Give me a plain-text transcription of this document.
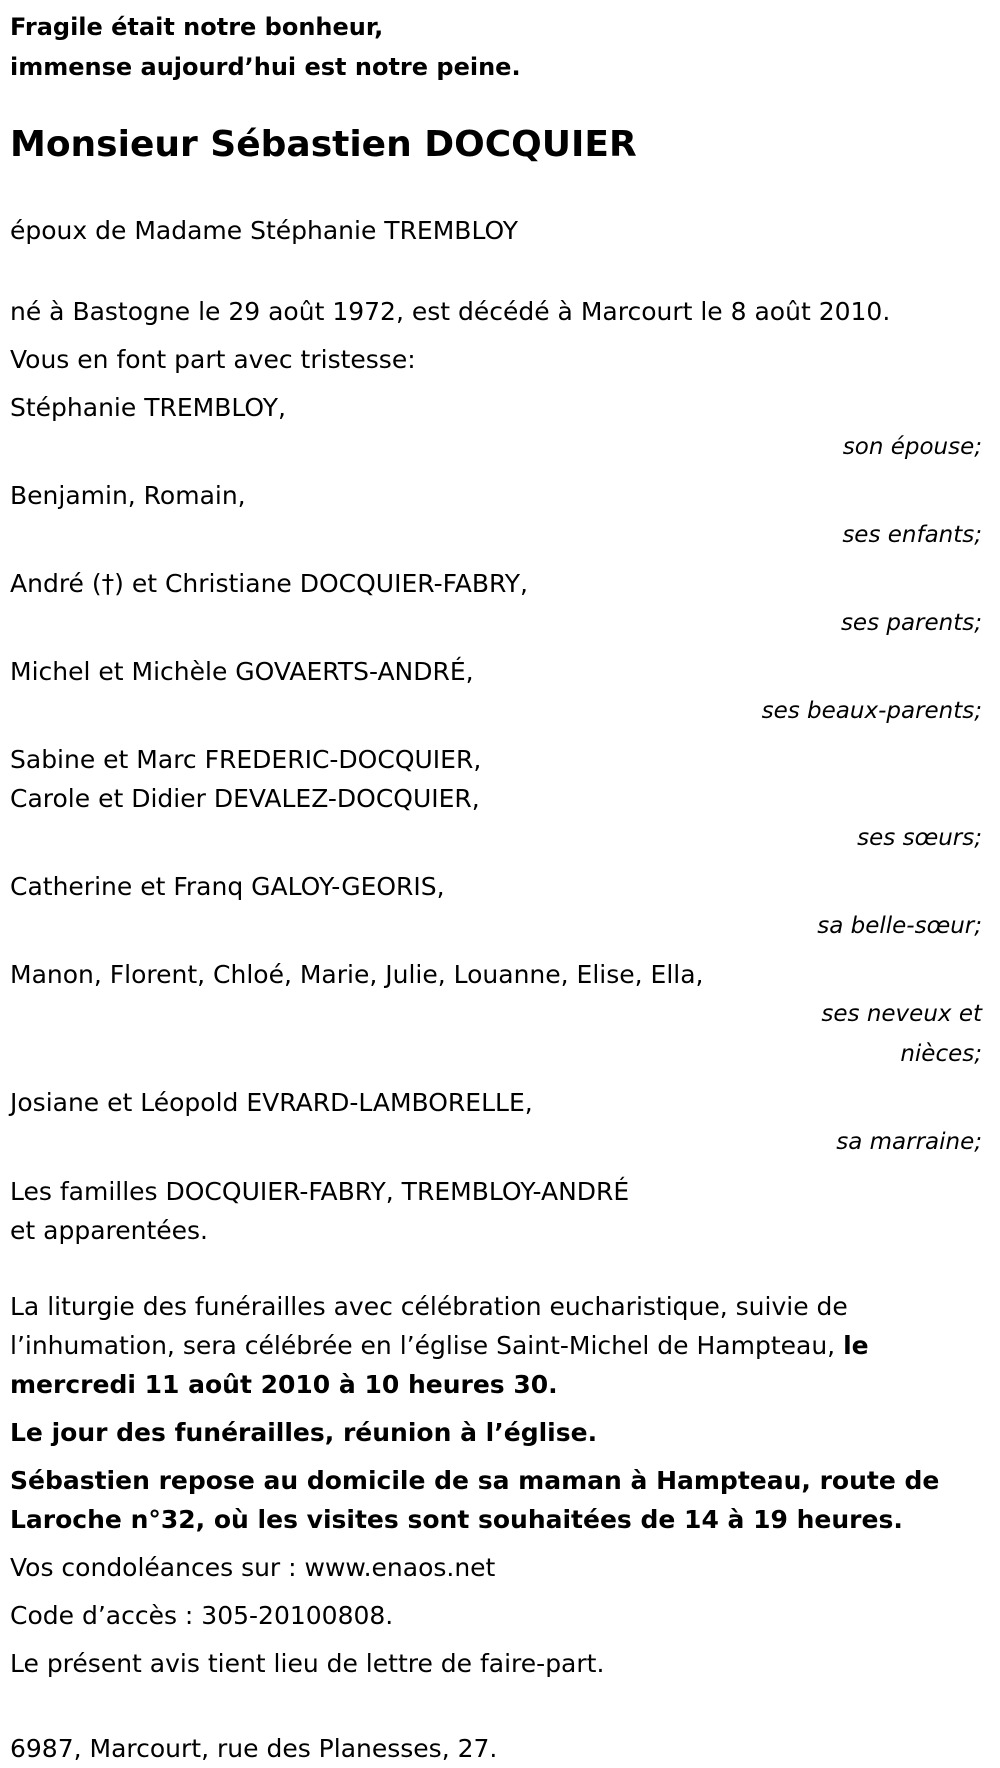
Fragile était notre bonheur,

immense aujourd’hui est notre peine.

Monsieur Sébastien DOCQUIER

époux de Madame Stéphanie TREMBLOY

né à Bastogne le 29 août 1972, est décédé à Marcourt le 8 août 2010.

Vous en font part avec tristesse:

Stéphanie TREMBLOY,

son épouse;

Benjamin, Romain,

ses enfants;

André (†) et Christiane DOCQUIER-FABRY,

ses parents;

Michel et Michèle GOVAERTS-ANDRÉ,

ses beaux-parents;

Sabine et Marc FREDERIC-DOCQUIER,

Carole et Didier DEVALEZ-DOCQUIER,

ses sœurs;

Catherine et Franq GALOY-GEORIS,

sa belle-sœur;

Manon, Florent, Chloé, Marie, Julie, Louanne, Elise, Ella,

ses neveux et nièces;

Josiane et Léopold EVRARD-LAMBORELLE,

sa marraine;

Les familles DOCQUIER-FABRY, TREMBLOY-ANDRÉ

et apparentées.

La liturgie des funérailles avec célébration eucharistique, suivie de l’inhumation, sera célébrée en l’église Saint-Michel de Hampteau, le mercredi 11 août 2010 à 10 heures 30.

Le jour des funérailles, réunion à l’église.

Sébastien repose au domicile de sa maman à Hampteau, route de Laroche n°32, où les visites sont souhaitées de 14 à 19 heures.

Vos condoléances sur : www.enaos.net

Code d’accès : 305-20100808.

Le présent avis tient lieu de lettre de faire-part.

6987, Marcourt, rue des Planesses, 27.
